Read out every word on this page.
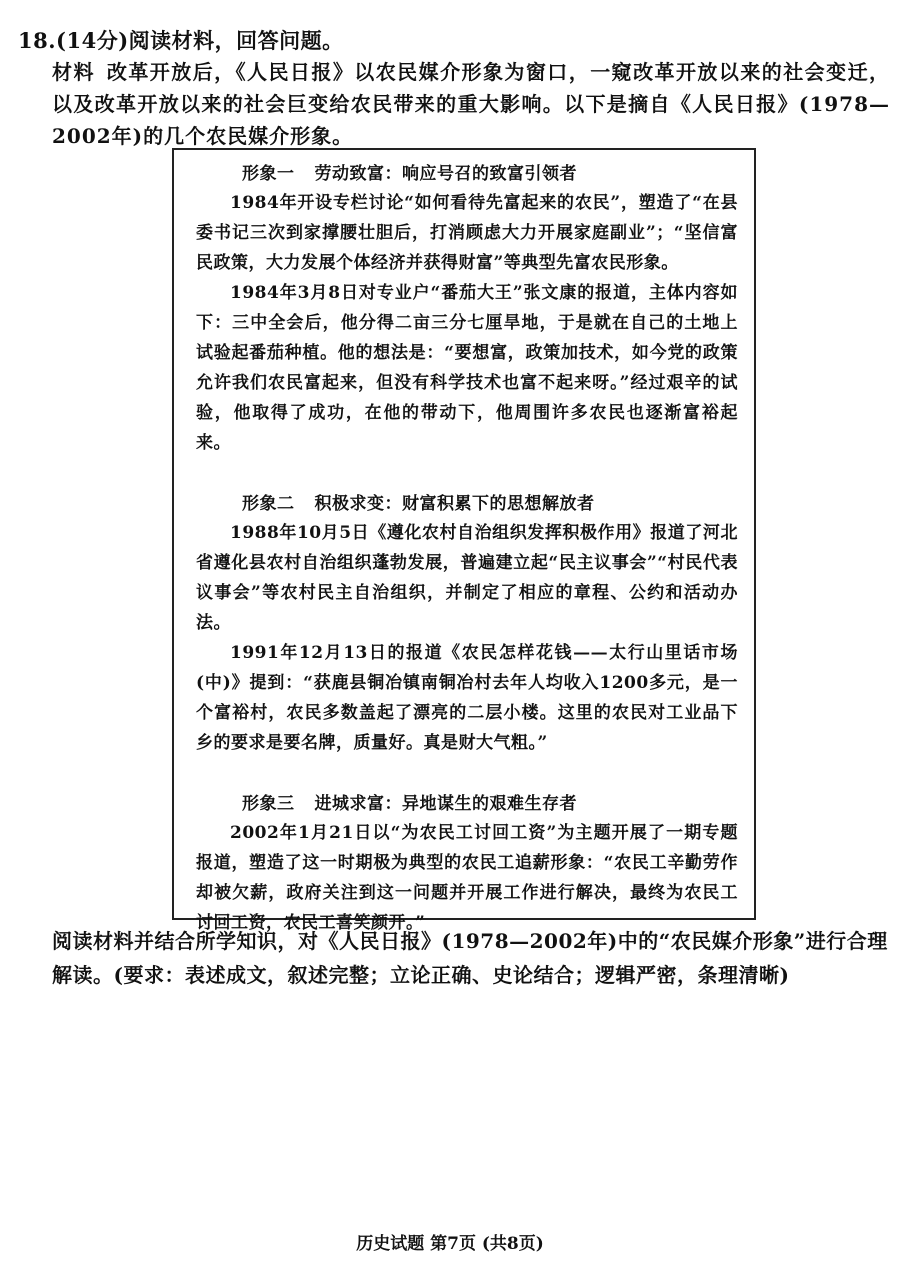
18.(14分)阅读材料，回答问题。
材料 改革开放后，《人民日报》以农民媒介形象为窗口，一窥改革开放以来的社会变迁，以及改革开放以来的社会巨变给农民带来的重大影响。以下是摘自《人民日报》(1978—2002年)的几个农民媒介形象。

形象一 劳动致富：响应号召的致富引领者

1984年开设专栏讨论“如何看待先富起来的农民”，塑造了“在县委书记三次到家撑腰壮胆后，打消顾虑大力开展家庭副业”；“坚信富民政策，大力发展个体经济并获得财富”等典型先富农民形象。

1984年3月8日对专业户“番茄大王”张文康的报道，主体内容如下：三中全会后，他分得二亩三分七厘旱地，于是就在自己的土地上试验起番茄种植。他的想法是：“要想富，政策加技术，如今党的政策允许我们农民富起来，但没有科学技术也富不起来呀。”经过艰辛的试验，他取得了成功，在他的带动下，他周围许多农民也逐渐富裕起来。

形象二 积极求变：财富积累下的思想解放者

1988年10月5日《遵化农村自治组织发挥积极作用》报道了河北省遵化县农村自治组织蓬勃发展，普遍建立起“民主议事会”“村民代表议事会”等农村民主自治组织，并制定了相应的章程、公约和活动办法。

1991年12月13日的报道《农民怎样花钱——太行山里话市场(中)》提到：“获鹿县铜冶镇南铜冶村去年人均收入1200多元，是一个富裕村，农民多数盖起了漂亮的二层小楼。这里的农民对工业品下乡的要求是要名牌，质量好。真是财大气粗。”

形象三 进城求富：异地谋生的艰难生存者

2002年1月21日以“为农民工讨回工资”为主题开展了一期专题报道，塑造了这一时期极为典型的农民工追薪形象：“农民工辛勤劳作却被欠薪，政府关注到这一问题并开展工作进行解决，最终为农民工讨回工资，农民工喜笑颜开。”

阅读材料并结合所学知识，对《人民日报》(1978—2002年)中的“农民媒介形象”进行合理解读。(要求：表述成文，叙述完整；立论正确、史论结合；逻辑严密，条理清晰)
历史试题 第7页 (共8页)
